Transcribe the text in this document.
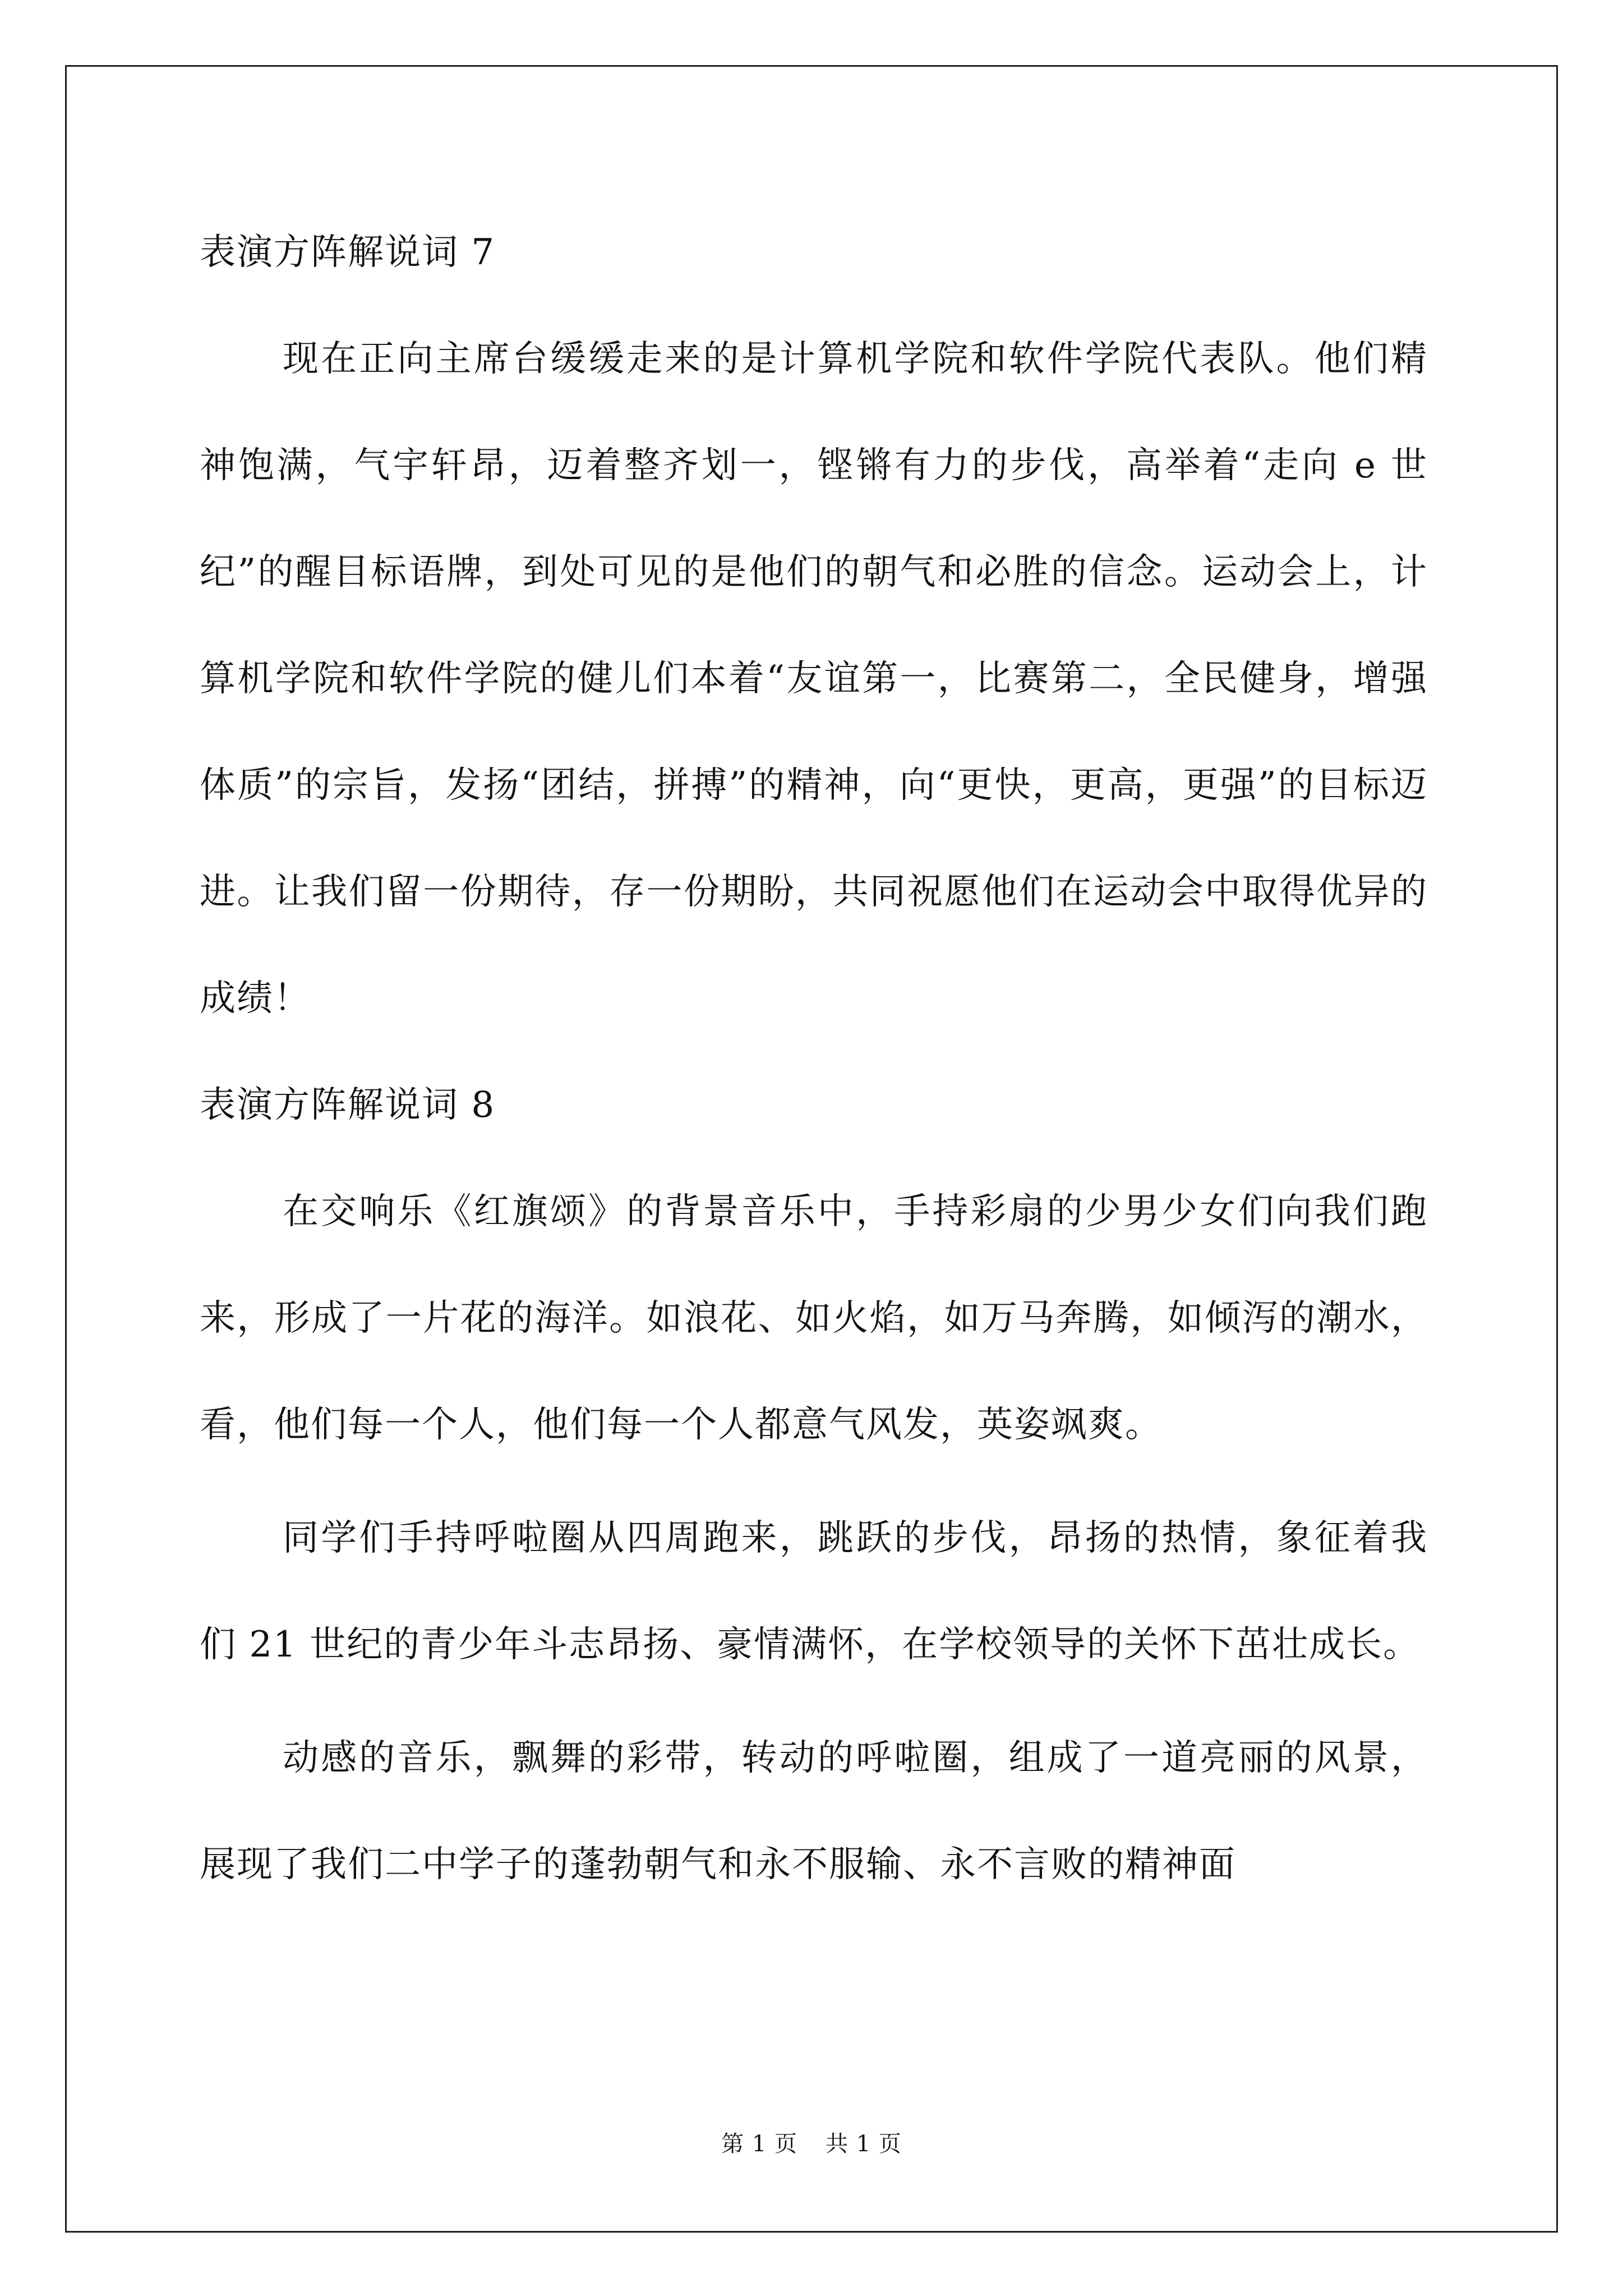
表演方阵解说词 7

现在正向主席台缓缓走来的是计算机学院和软件学院代表队。他们精神饱满，气宇轩昂，迈着整齐划一，铿锵有力的步伐，高举着“走向 e 世纪”的醒目标语牌，到处可见的是他们的朝气和必胜的信念。运动会上，计算机学院和软件学院的健儿们本着“友谊第一，比赛第二，全民健身，增强体质”的宗旨，发扬“团结，拼搏”的精神，向“更快，更高，更强”的目标迈进。让我们留一份期待，存一份期盼，共同祝愿他们在运动会中取得优异的成绩！

表演方阵解说词 8

在交响乐《红旗颂》的背景音乐中，手持彩扇的少男少女们向我们跑来，形成了一片花的海洋。如浪花、如火焰，如万马奔腾，如倾泻的潮水，看，他们每一个人，他们每一个人都意气风发，英姿飒爽。

同学们手持呼啦圈从四周跑来，跳跃的步伐，昂扬的热情，象征着我们 21 世纪的青少年斗志昂扬、豪情满怀，在学校领导的关怀下茁壮成长。

动感的音乐，飘舞的彩带，转动的呼啦圈，组成了一道亮丽的风景，展现了我们二中学子的蓬勃朝气和永不服输、永不言败的精神面

第 1 页 共 1 页
